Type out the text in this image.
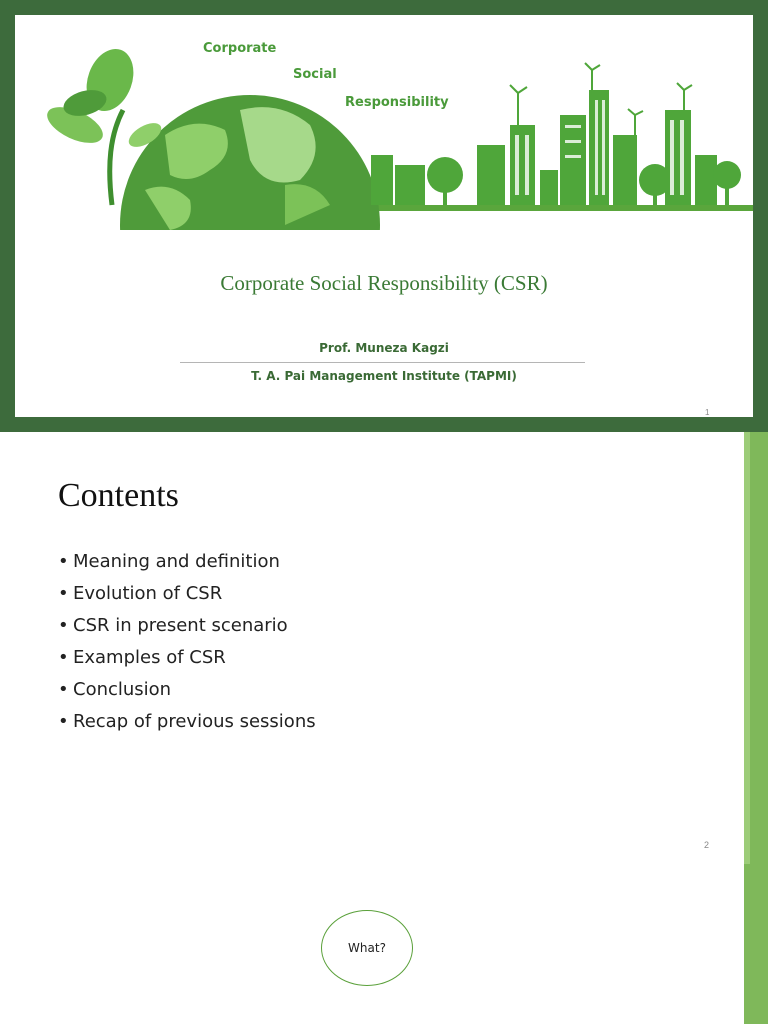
Corporate
Social
Responsibility
Corporate Social Responsibility (CSR)
Prof. Muneza Kagzi
T. A. Pai Management Institute (TAPMI)
1
Contents
• Meaning and definition
• Evolution of CSR
• CSR in present scenario
• Examples of CSR
• Conclusion
• Recap of previous sessions
2
What?
